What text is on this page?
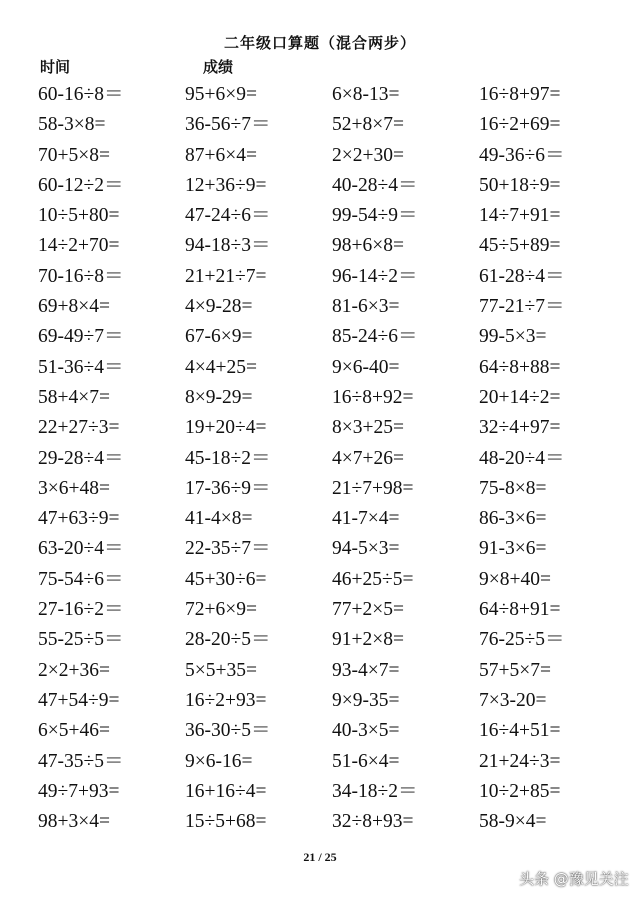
二年级口算题（混合两步）
时间	成绩
60-16÷8＝	95+6×9=	6×8-13=	16÷8+97=
58-3×8=	36-56÷7＝	52+8×7=	16÷2+69=
70+5×8=	87+6×4=	2×2+30=	49-36÷6＝
60-12÷2＝	12+36÷9=	40-28÷4＝	50+18÷9=
10÷5+80=	47-24÷6＝	99-54÷9＝	14÷7+91=
14÷2+70=	94-18÷3＝	98+6×8=	45÷5+89=
70-16÷8＝	21+21÷7=	96-14÷2＝	61-28÷4＝
69+8×4=	4×9-28=	81-6×3=	77-21÷7＝
69-49÷7＝	67-6×9=	85-24÷6＝	99-5×3=
51-36÷4＝	4×4+25=	9×6-40=	64÷8+88=
58+4×7=	8×9-29=	16÷8+92=	20+14÷2=
22+27÷3=	19+20÷4=	8×3+25=	32÷4+97=
29-28÷4＝	45-18÷2＝	4×7+26=	48-20÷4＝
3×6+48=	17-36÷9＝	21÷7+98=	75-8×8=
47+63÷9=	41-4×8=	41-7×4=	86-3×6=
63-20÷4＝	22-35÷7＝	94-5×3=	91-3×6=
75-54÷6＝	45+30÷6=	46+25÷5=	9×8+40=
27-16÷2＝	72+6×9=	77+2×5=	64÷8+91=
55-25÷5＝	28-20÷5＝	91+2×8=	76-25÷5＝
2×2+36=	5×5+35=	93-4×7=	57+5×7=
47+54÷9=	16÷2+93=	9×9-35=	7×3-20=
6×5+46=	36-30÷5＝	40-3×5=	16÷4+51=
47-35÷5＝	9×6-16=	51-6×4=	21+24÷3=
49÷7+93=	16+16÷4=	34-18÷2＝	10÷2+85=
98+3×4=	15÷5+68=	32÷8+93=	58-9×4=
21 / 25
头条 @豫见关注
